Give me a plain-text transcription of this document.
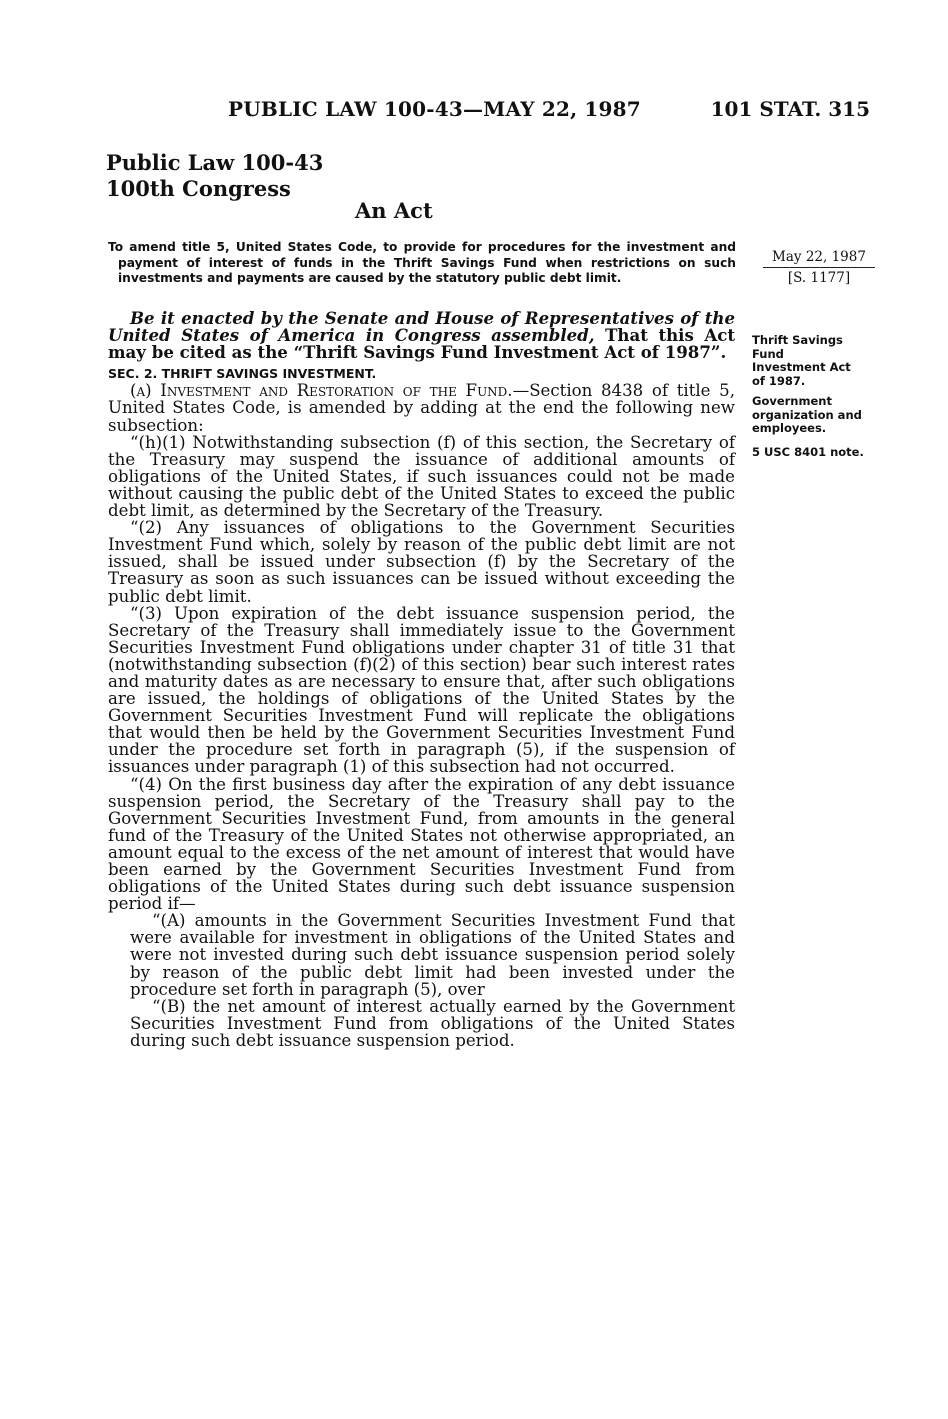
PUBLIC LAW 100-43—MAY 22, 1987	101 STAT. 315
Public Law 100-43
100th Congress
An Act
To amend title 5, United States Code, to provide for procedures for the investment and payment of interest of funds in the Thrift Savings Fund when restrictions on such investments and payments are caused by the statutory public debt limit.
May 22, 1987
[S. 1177]
Thrift Savings
Fund
Investment Act
of 1987.
Government
organization and
employees.
5 USC 8401 note.

Be it enacted by the Senate and House of Representatives of the United States of America in Congress assembled, That this Act may be cited as the “Thrift Savings Fund Investment Act of 1987”.

SEC. 2. THRIFT SAVINGS INVESTMENT.

(a) Investment and Restoration of the Fund.—Section 8438 of title 5, United States Code, is amended by adding at the end the following new subsection:

“(h)(1) Notwithstanding subsection (f) of this section, the Secretary of the Treasury may suspend the issuance of additional amounts of obligations of the United States, if such issuances could not be made without causing the public debt of the United States to exceed the public debt limit, as determined by the Secretary of the Treasury.

“(2) Any issuances of obligations to the Government Securities Investment Fund which, solely by reason of the public debt limit are not issued, shall be issued under subsection (f) by the Secretary of the Treasury as soon as such issuances can be issued without exceeding the public debt limit.

“(3) Upon expiration of the debt issuance suspension period, the Secretary of the Treasury shall immediately issue to the Government Securities Investment Fund obligations under chapter 31 of title 31 that (notwithstanding subsection (f)(2) of this section) bear such interest rates and maturity dates as are necessary to ensure that, after such obligations are issued, the holdings of obligations of the United States by the Government Securities Investment Fund will replicate the obligations that would then be held by the Government Securities Investment Fund under the procedure set forth in paragraph (5), if the suspension of issuances under paragraph (1) of this subsection had not occurred.

“(4) On the first business day after the expiration of any debt issuance suspension period, the Secretary of the Treasury shall pay to the Government Securities Investment Fund, from amounts in the general fund of the Treasury of the United States not otherwise appropriated, an amount equal to the excess of the net amount of interest that would have been earned by the Government Securities Investment Fund from obligations of the United States during such debt issuance suspension period if—

“(A) amounts in the Government Securities Investment Fund that were available for investment in obligations of the United States and were not invested during such debt issuance suspension period solely by reason of the public debt limit had been invested under the procedure set forth in paragraph (5), over

“(B) the net amount of interest actually earned by the Government Securities Investment Fund from obligations of the United States during such debt issuance suspension period.
